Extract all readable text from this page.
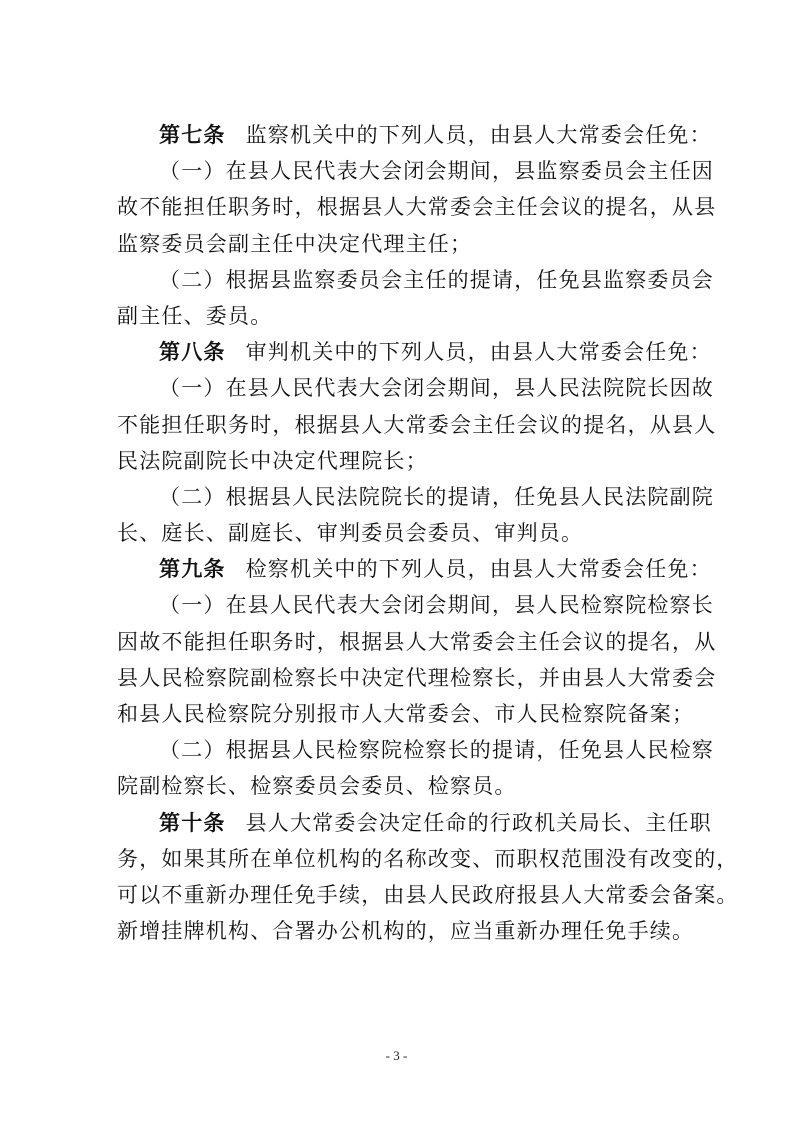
第七条 监察机关中的下列人员，由县人大常委会任免：
（一）在县人民代表大会闭会期间，县监察委员会主任因
故不能担任职务时，根据县人大常委会主任会议的提名，从县
监察委员会副主任中决定代理主任；
（二）根据县监察委员会主任的提请，任免县监察委员会
副主任、委员。
第八条 审判机关中的下列人员，由县人大常委会任免：
（一）在县人民代表大会闭会期间，县人民法院院长因故
不能担任职务时，根据县人大常委会主任会议的提名，从县人
民法院副院长中决定代理院长；
（二）根据县人民法院院长的提请，任免县人民法院副院
长、庭长、副庭长、审判委员会委员、审判员。
第九条 检察机关中的下列人员，由县人大常委会任免：
（一）在县人民代表大会闭会期间，县人民检察院检察长
因故不能担任职务时，根据县人大常委会主任会议的提名，从
县人民检察院副检察长中决定代理检察长，并由县人大常委会
和县人民检察院分别报市人大常委会、市人民检察院备案；
（二）根据县人民检察院检察长的提请，任免县人民检察
院副检察长、检察委员会委员、检察员。
第十条 县人大常委会决定任命的行政机关局长、主任职
务，如果其所在单位机构的名称改变、而职权范围没有改变的，
可以不重新办理任免手续，由县人民政府报县人大常委会备案。
新增挂牌机构、合署办公机构的，应当重新办理任免手续。
- 3 -
